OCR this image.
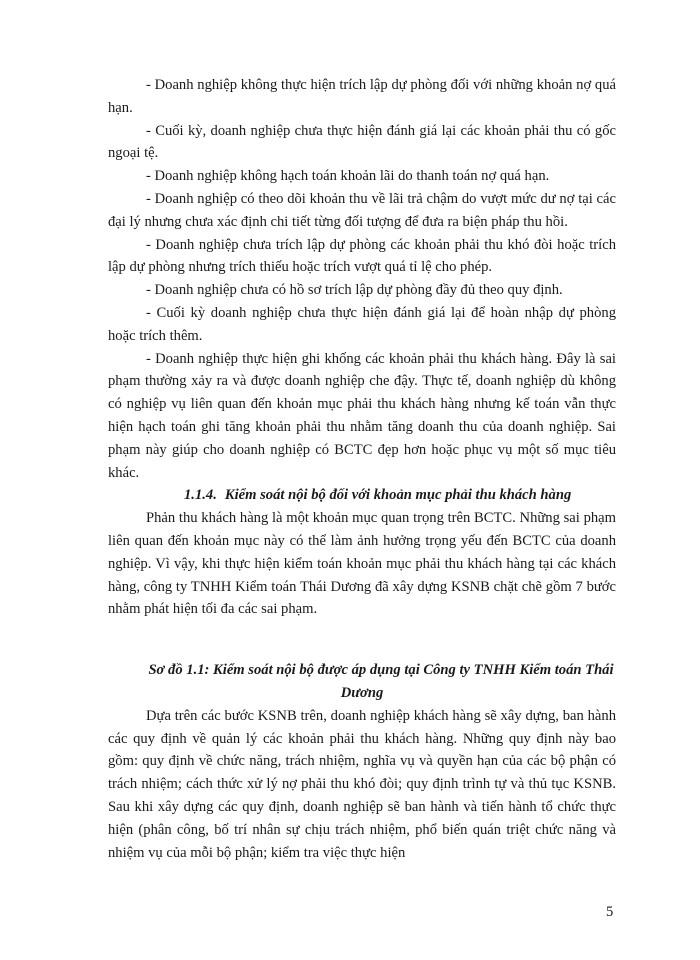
- Doanh nghiệp không thực hiện trích lập dự phòng đối với những khoản nợ quá hạn.

- Cuối kỳ, doanh nghiệp chưa thực hiện đánh giá lại các khoản phải thu có gốc ngoại tệ.

- Doanh nghiệp không hạch toán khoản lãi do thanh toán nợ quá hạn.

- Doanh nghiệp có theo dõi khoản thu về lãi trả chậm do vượt mức dư nợ tại các đại lý nhưng chưa xác định chi tiết từng đối tượng để đưa ra biện pháp thu hồi.

- Doanh nghiệp chưa trích lập dự phòng các khoản phải thu khó đòi hoặc trích lập dự phòng nhưng trích thiếu hoặc trích vượt quá tỉ lệ cho phép.

- Doanh nghiệp chưa có hồ sơ trích lập dự phòng đầy đủ theo quy định.

- Cuối kỳ doanh nghiệp chưa thực hiện đánh giá lại để hoàn nhập dự phòng hoặc trích thêm.

- Doanh nghiệp thực hiện ghi khống các khoản phải thu khách hàng. Đây là sai phạm thường xảy ra và được doanh nghiệp che đậy. Thực tế, doanh nghiệp dù không có nghiệp vụ liên quan đến khoản mục phải thu khách hàng nhưng kế toán vẫn thực hiện hạch toán ghi tăng khoản phải thu nhằm tăng doanh thu của doanh nghiệp. Sai phạm này giúp cho doanh nghiệp có BCTC đẹp hơn hoặc phục vụ một số mục tiêu khác.

1.1.4. Kiểm soát nội bộ đối với khoản mục phải thu khách hàng

Phản thu khách hàng là một khoản mục quan trọng trên BCTC. Những sai phạm liên quan đến khoản mục này có thể làm ảnh hưởng trọng yếu đến BCTC của doanh nghiệp. Vì vậy, khi thực hiện kiểm toán khoản mục phải thu khách hàng tại các khách hàng, công ty TNHH Kiểm toán Thái Dương đã xây dựng KSNB chặt chẽ gồm 7 bước nhằm phát hiện tối đa các sai phạm.

Sơ đồ 1.1: Kiểm soát nội bộ được áp dụng tại Công ty TNHH Kiểm toán Thái Dương

Dựa trên các bước KSNB trên, doanh nghiệp khách hàng sẽ xây dựng, ban hành các quy định về quản lý các khoản phải thu khách hàng. Những quy định này bao gồm: quy định về chức năng, trách nhiệm, nghĩa vụ và quyền hạn của các bộ phận có trách nhiệm; cách thức xử lý nợ phải thu khó đòi; quy định trình tự và thủ tục KSNB. Sau khi xây dựng các quy định, doanh nghiệp sẽ ban hành và tiến hành tổ chức thực hiện (phân công, bố trí nhân sự chịu trách nhiệm, phổ biến quán triệt chức năng và nhiệm vụ của mỗi bộ phận; kiểm tra việc thực hiện

5
